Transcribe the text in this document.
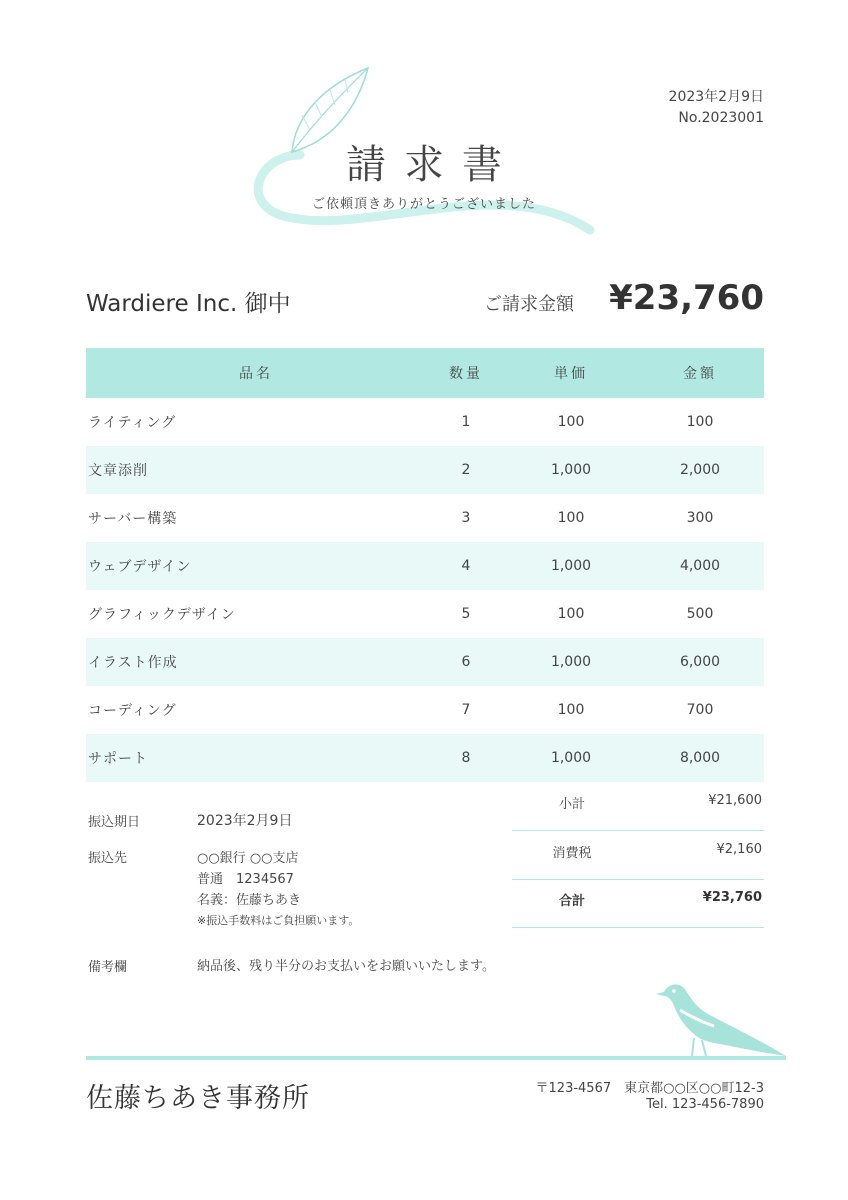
請求書
ご依頼頂きありがとうございました
2023年2月9日
No.2023001
Wardiere Inc. 御中	ご請求金額 ¥23,760
品名	数量	単価	金額
ライティング	1	100	100
文章添削	2	1,000	2,000
サーバー構築	3	100	300
ウェブデザイン	4	1,000	4,000
グラフィックデザイン	5	100	500
イラスト作成	6	1,000	6,000
コーディング	7	100	700
サポート	8	1,000	8,000
振込期日	2023年2月9日
振込先	○○銀行 ○○支店
普通　1234567
名義：佐藤ちあき
※振込手数料はご負担願います。
小計	¥21,600
消費税	¥2,160
合計	¥23,760
備考欄	納品後、残り半分のお支払いをお願いいたします。
佐藤ちあき事務所	〒123-4567　東京都○○区○○町12-3
Tel. 123-456-7890
